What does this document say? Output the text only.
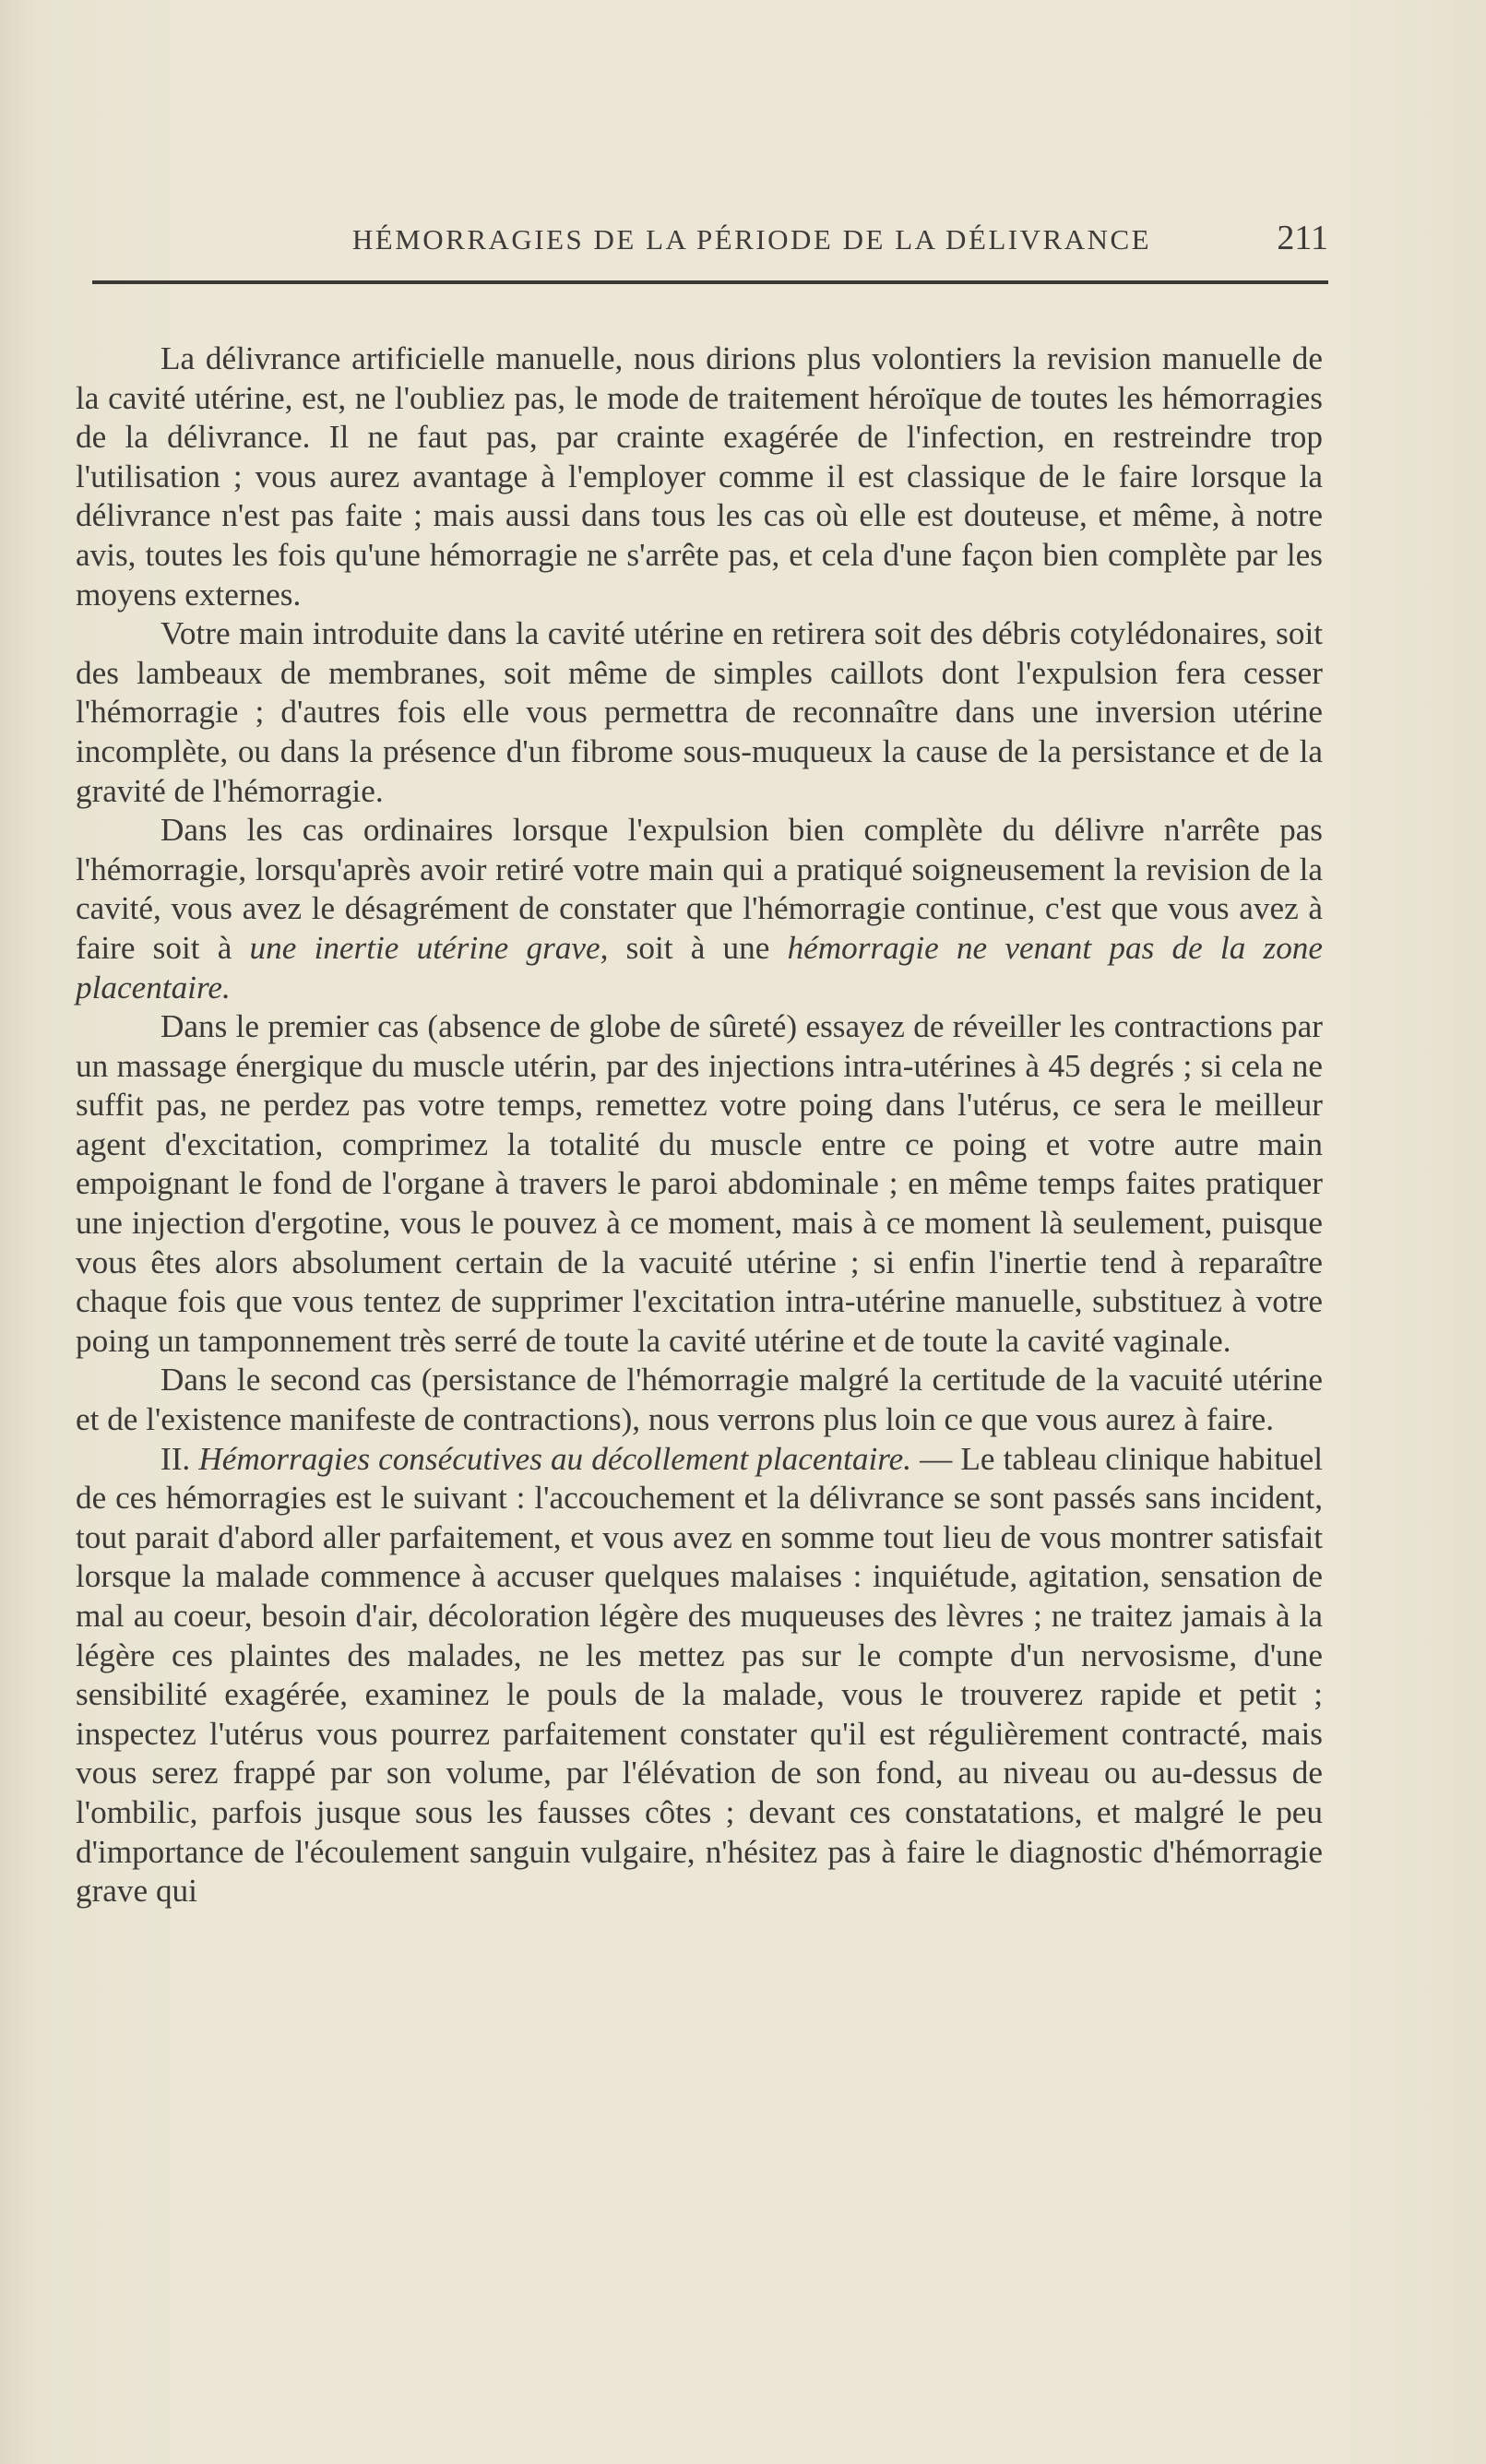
HÉMORRAGIES DE LA PÉRIODE DE LA DÉLIVRANCE	211

La délivrance artificielle manuelle, nous dirions plus volontiers la revision manuelle de la cavité utérine, est, ne l'oubliez pas, le mode de traitement héroïque de toutes les hémorragies de la délivrance. Il ne faut pas, par crainte exagérée de l'infection, en restreindre trop l'utilisation ; vous aurez avantage à l'employer comme il est classique de le faire lorsque la délivrance n'est pas faite ; mais aussi dans tous les cas où elle est douteuse, et même, à notre avis, toutes les fois qu'une hémorragie ne s'arrête pas, et cela d'une façon bien complète par les moyens externes.

Votre main introduite dans la cavité utérine en retirera soit des débris cotylédonaires, soit des lambeaux de membranes, soit même de simples caillots dont l'expulsion fera cesser l'hémorragie ; d'autres fois elle vous permettra de reconnaître dans une inversion utérine incomplète, ou dans la présence d'un fibrome sous-muqueux la cause de la persistance et de la gravité de l'hémorragie.

Dans les cas ordinaires lorsque l'expulsion bien complète du délivre n'arrête pas l'hémorragie, lorsqu'après avoir retiré votre main qui a pratiqué soigneusement la revision de la cavité, vous avez le désagrément de constater que l'hémorragie continue, c'est que vous avez à faire soit à une inertie utérine grave, soit à une hémorragie ne venant pas de la zone placentaire.

Dans le premier cas (absence de globe de sûreté) essayez de réveiller les contractions par un massage énergique du muscle utérin, par des injections intra-utérines à 45 degrés ; si cela ne suffit pas, ne perdez pas votre temps, remettez votre poing dans l'utérus, ce sera le meilleur agent d'excitation, comprimez la totalité du muscle entre ce poing et votre autre main empoignant le fond de l'organe à travers le paroi abdominale ; en même temps faites pratiquer une injection d'ergotine, vous le pouvez à ce moment, mais à ce moment là seulement, puisque vous êtes alors absolument certain de la vacuité utérine ; si enfin l'inertie tend à reparaître chaque fois que vous tentez de supprimer l'excitation intra-utérine manuelle, substituez à votre poing un tamponnement très serré de toute la cavité utérine et de toute la cavité vaginale.

Dans le second cas (persistance de l'hémorragie malgré la certitude de la vacuité utérine et de l'existence manifeste de contractions), nous verrons plus loin ce que vous aurez à faire.

II. Hémorragies consécutives au décollement placentaire. — Le tableau clinique habituel de ces hémorragies est le suivant : l'accouchement et la délivrance se sont passés sans incident, tout parait d'abord aller parfaitement, et vous avez en somme tout lieu de vous montrer satisfait lorsque la malade commence à accuser quelques malaises : inquiétude, agitation, sensation de mal au coeur, besoin d'air, décoloration légère des muqueuses des lèvres ; ne traitez jamais à la légère ces plaintes des malades, ne les mettez pas sur le compte d'un nervosisme, d'une sensibilité exagérée, examinez le pouls de la malade, vous le trouverez rapide et petit ; inspectez l'utérus vous pourrez parfaitement constater qu'il est régulièrement contracté, mais vous serez frappé par son volume, par l'élévation de son fond, au niveau ou au-dessus de l'ombilic, parfois jusque sous les fausses côtes ; devant ces constatations, et malgré le peu d'importance de l'écoulement sanguin vulgaire, n'hésitez pas à faire le diagnostic d'hémorragie grave qui
